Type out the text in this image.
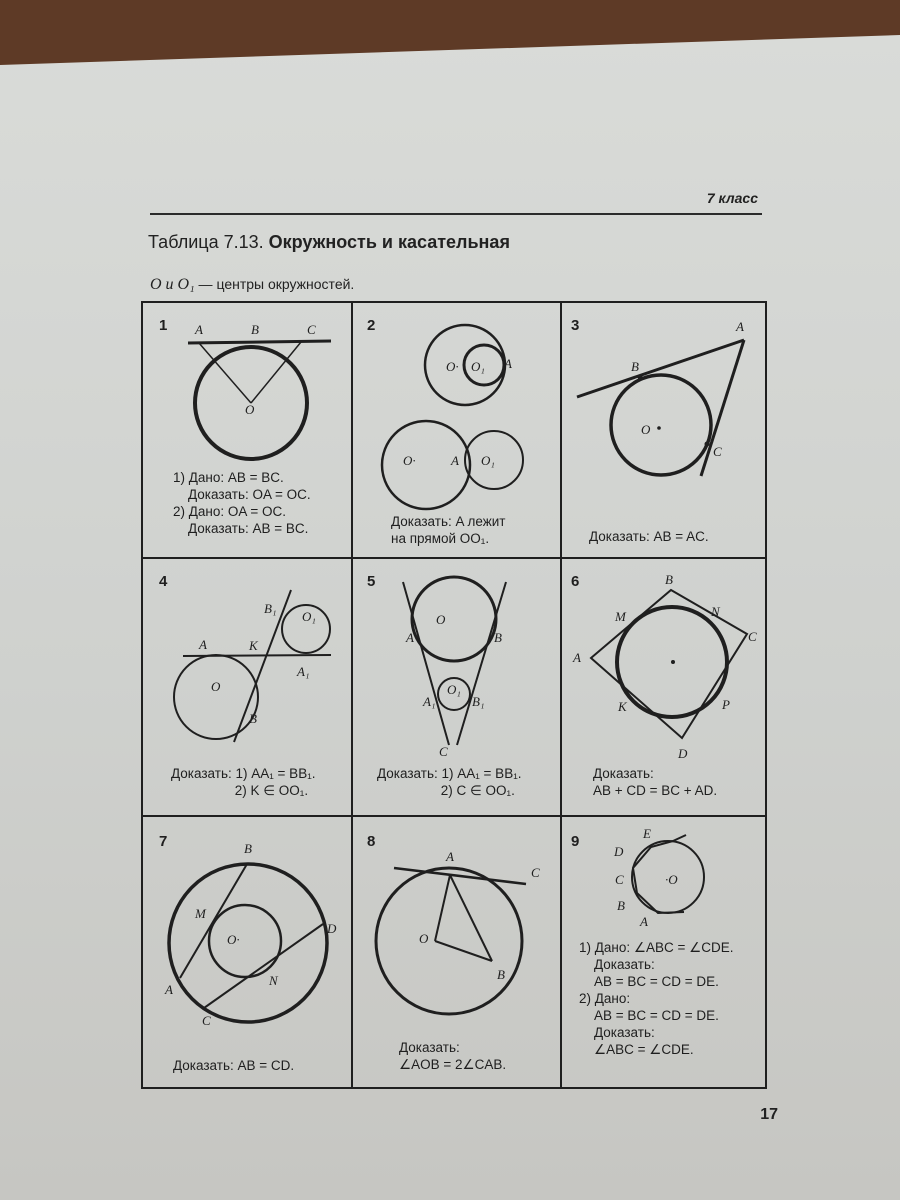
7 класс
Таблица 7.13. Окружность и касательная
O и O₁ — центры окружностей.
A	B	C
O
O· O₁ A
O·	A O₁
A
B
C
O
B₁
O₁
A	K
A₁
O
B
O
A	B
O₁
A₁	B₁
C
B
M	N
C
A
K	P
D
B
M
D
O·
N
A
C
A
C
O
B
E
D
C	·O
B
A
1	2	3
4	5	6
7	8	9
1) Дано: AB = BC.
Доказать: OA = OC.
2) Дано: OA = OC.
Доказать: AB = BC.	Доказать: A лежит
на прямой OO₁.	Доказать: AB = AC.
Доказать: 1) AA₁ = BB₁.
2) K ∈ OO₁.
Доказать: 1) AA₁ = BB₁.
2) C ∈ OO₁.
Доказать:
AB + CD = BC + AD.
Доказать: AB = CD.
Доказать:
∠AOB = 2∠CAB.
1) Дано: ∠ABC = ∠CDE.
Доказать:
AB = BC = CD = DE.
2) Дано:
AB = BC = CD = DE.
Доказать:
∠ABC = ∠CDE.
17
